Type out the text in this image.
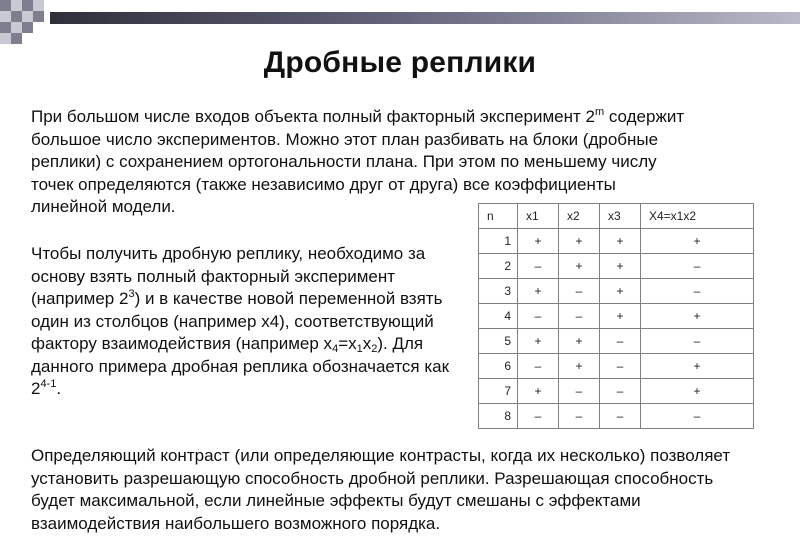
Дробные реплики
При большом числе входов объекта полный факторный эксперимент 2$^m$ содержит большое число экспериментов. Можно этот план разбивать на блоки (дробные реплики) с сохранением ортогональности плана. При этом по меньшему числу точек определяются (также независимо друг от друга) все коэффициенты линейной модели.
Чтобы получить дробную реплику, необходимо за основу взять полный факторный эксперимент (например $2^3$) и в качестве новой переменной взять один из столбцов (например x4), соответствующий фактору взаимодействия (например $x_4=x_1x_2$). Для данного примера дробная реплика обозначается как 2$^{4-1}$.
n	x1	x2	x3	X4=x1x2
1	+	+	+	+
2	–	+	+	–
3	+	–	+	–
4	–	–	+	+
5	+	+	–	–
6	–	+	–	+
7	+	–	–	+
8	–	–	–	–
Определяющий контраст (или определяющие контрасты, когда их несколько) позволяет установить разрешающую способность дробной реплики. Разрешающая способность будет максимальной, если линейные эффекты будут смешаны с эффектами взаимодействия наибольшего возможного порядка.
